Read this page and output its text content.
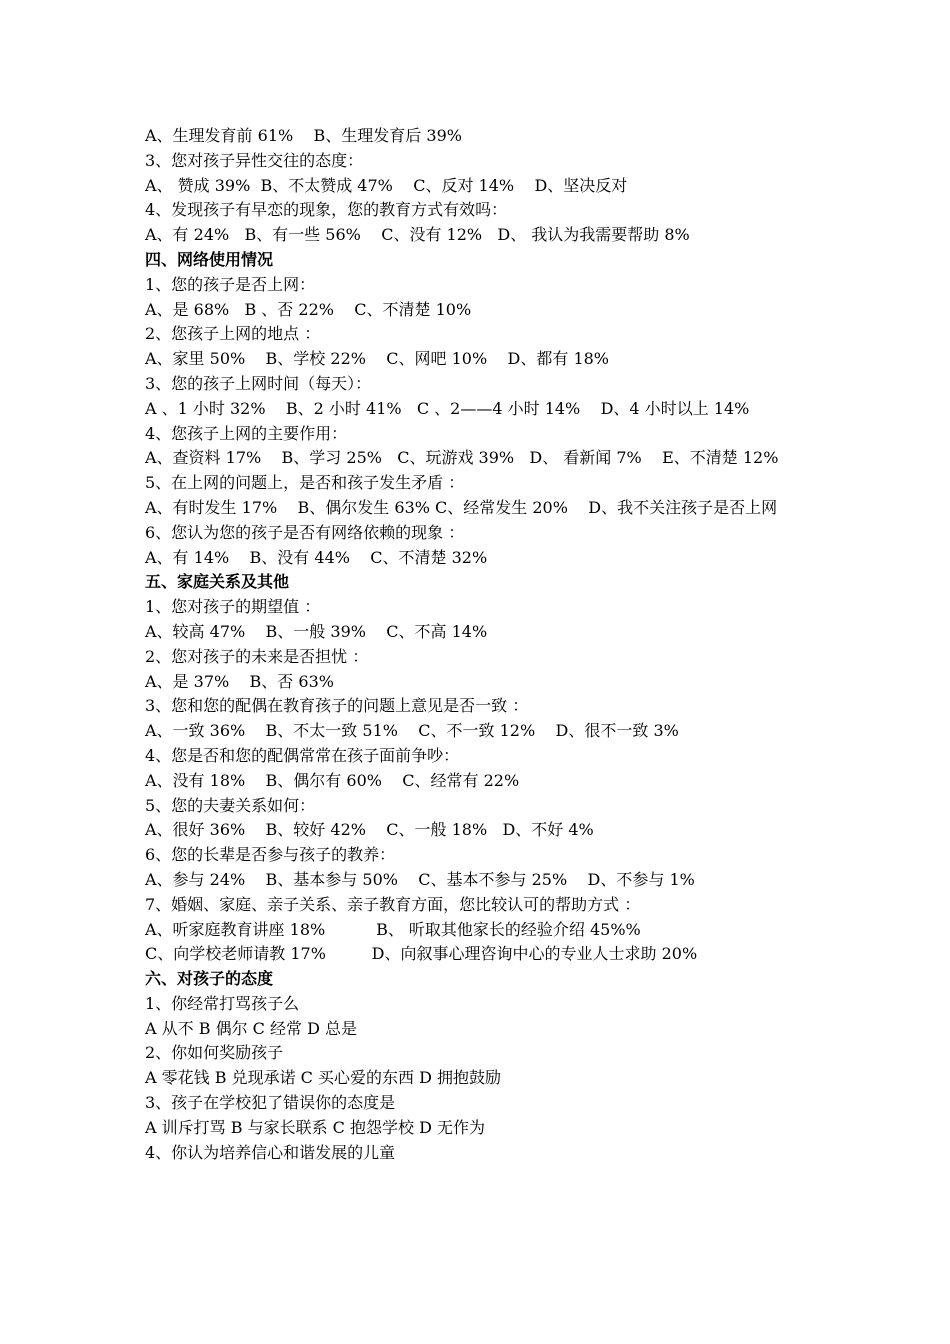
A、生理发育前 61%    B、生理发育后 39%
3、您对孩子异性交往的态度：
A、 赞成 39%  B、不太赞成 47%    C、反对 14%    D、坚决反对
4、发现孩子有早恋的现象，您的教育方式有效吗：
A、有 24%   B、有一些 56%    C、没有 12%   D、 我认为我需要帮助 8%
四、网络使用情况
1、您的孩子是否上网：
A、是 68%   B 、否 22%    C、不清楚 10%
2、您孩子上网的地点 ：
A、家里 50%    B、学校 22%    C、网吧 10%    D、都有 18%
3、您的孩子上网时间（每天）：
A 、1 小时 32%    B、2 小时 41%   C 、2——4 小时 14%    D、4 小时以上 14%
4、您孩子上网的主要作用：
A、查资料 17%    B、学习 25%   C、玩游戏 39%   D、 看新闻 7%    E、不清楚 12%
5、在上网的问题上，是否和孩子发生矛盾 ：
A、有时发生 17%    B、偶尔发生 63% C、经常发生 20%    D、我不关注孩子是否上网
6、您认为您的孩子是否有网络依赖的现象 ：
A、有 14%    B、没有 44%    C、不清楚 32%
五、家庭关系及其他
1、您对孩子的期望值 ：
A、较高 47%    B、一般 39%    C、不高 14%
2、您对孩子的未来是否担忧 ：
A、是 37%    B、否 63%
3、您和您的配偶在教育孩子的问题上意见是否一致 ：
A、一致 36%    B、不太一致 51%    C、不一致 12%    D、很不一致 3%
4、您是否和您的配偶常常在孩子面前争吵：
A、没有 18%    B、偶尔有 60%    C、经常有 22%
5、您的夫妻关系如何：
A、很好 36%    B、较好 42%    C、一般 18%   D、不好 4%
6、您的长辈是否参与孩子的教养：
A、参与 24%    B、基本参与 50%    C、基本不参与 25%    D、不参与 1%
7、婚姻、家庭、亲子关系、亲子教育方面，您比较认可的帮助方式 ：
A、听家庭教育讲座 18%          B、 听取其他家长的经验介绍 45%%
C、向学校老师请教 17%         D、向叙事心理咨询中心的专业人士求助 20%
六、对孩子的态度
1、你经常打骂孩子么
A 从不 B 偶尔 C 经常 D 总是
2、你如何奖励孩子
A 零花钱 B 兑现承诺 C 买心爱的东西 D 拥抱鼓励
3、孩子在学校犯了错误你的态度是
A 训斥打骂 B 与家长联系 C 抱怨学校 D 无作为
4、你认为培养信心和谐发展的儿童
